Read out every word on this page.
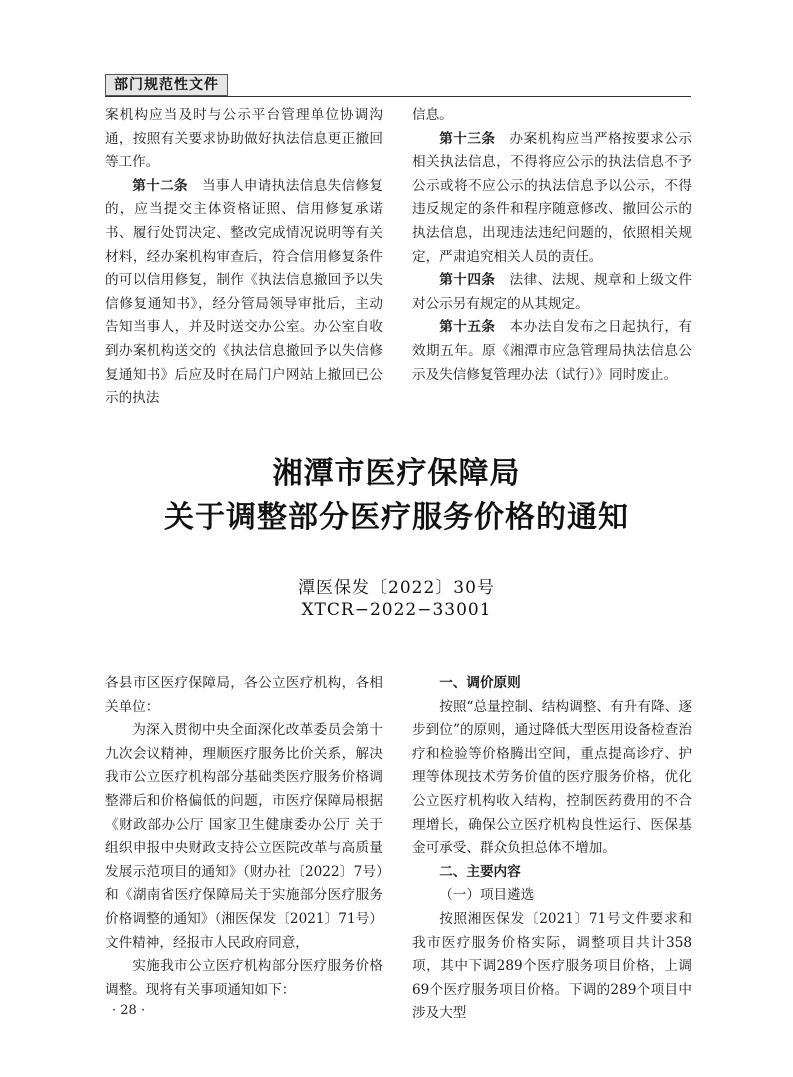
部门规范性文件

案机构应当及时与公示平台管理单位协调沟通，按照有关要求协助做好执法信息更正撤回等工作。

第十二条　当事人申请执法信息失信修复的，应当提交主体资格证照、信用修复承诺书、履行处罚决定、整改完成情况说明等有关材料，经办案机构审查后，符合信用修复条件的可以信用修复，制作《执法信息撤回予以失信修复通知书》，经分管局领导审批后，主动告知当事人，并及时送交办公室。办公室自收到办案机构送交的《执法信息撤回予以失信修复通知书》后应及时在局门户网站上撤回已公示的执法

信息。

第十三条　办案机构应当严格按要求公示相关执法信息，不得将应公示的执法信息不予公示或将不应公示的执法信息予以公示，不得违反规定的条件和程序随意修改、撤回公示的执法信息，出现违法违纪问题的，依照相关规定，严肃追究相关人员的责任。

第十四条　法律、法规、规章和上级文件对公示另有规定的从其规定。

第十五条　本办法自发布之日起执行，有效期五年。原《湘潭市应急管理局执法信息公示及失信修复管理办法（试行）》同时废止。

湘潭市医疗保障局
关于调整部分医疗服务价格的通知
潭医保发〔2022〕30号
XTCR−2022−33001

各县市区医疗保障局，各公立医疗机构，各相关单位：

为深入贯彻中央全面深化改革委员会第十九次会议精神，理顺医疗服务比价关系，解决我市公立医疗机构部分基础类医疗服务价格调整滞后和价格偏低的问题，市医疗保障局根据《财政部办公厅 国家卫生健康委办公厅 关于组织申报中央财政支持公立医院改革与高质量发展示范项目的通知》（财办社〔2022〕7号）和《湖南省医疗保障局关于实施部分医疗服务价格调整的通知》（湘医保发〔2021〕71号）文件精神，经报市人民政府同意，

实施我市公立医疗机构部分医疗服务价格调整。现将有关事项通知如下：

一、调价原则

按照“总量控制、结构调整、有升有降、逐步到位”的原则，通过降低大型医用设备检查治疗和检验等价格腾出空间，重点提高诊疗、护理等体现技术劳务价值的医疗服务价格，优化公立医疗机构收入结构，控制医药费用的不合理增长，确保公立医疗机构良性运行、医保基金可承受、群众负担总体不增加。

二、主要内容

（一）项目遴选

按照湘医保发〔2021〕71号文件要求和我市医疗服务价格实际，调整项目共计358项，其中下调289个医疗服务项目价格，上调69个医疗服务项目价格。下调的289个项目中涉及大型

· 28 ·
